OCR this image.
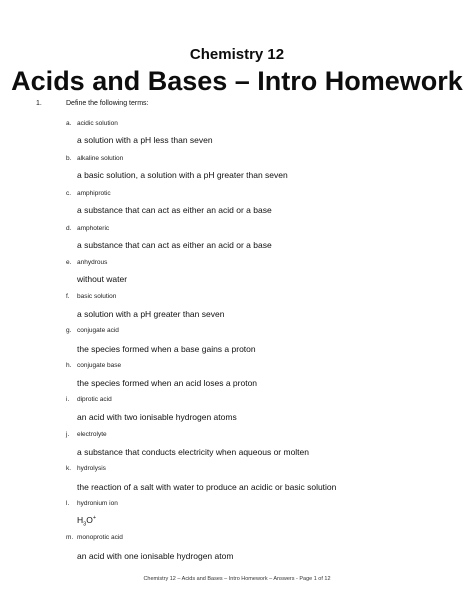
Chemistry 12
Acids and Bases – Intro Homework
1.	Define the following terms:
a. acidic solution
a solution with a pH less than seven
b. alkaline solution
a basic solution, a solution with a pH greater than seven
c. amphiprotic
a substance that can act as either an acid or a base
d. amphoteric
a substance that can act as either an acid or a base
e. anhydrous
without water
f. basic solution
a solution with a pH greater than seven
g. conjugate acid
the species formed when a base gains a proton
h. conjugate base
the species formed when an acid loses a proton
i. diprotic acid
an acid with two ionisable hydrogen atoms
j. electrolyte
a substance that conducts electricity when aqueous or molten
k. hydrolysis
the reaction of a salt with water to produce an acidic or basic solution
l. hydronium ion
$H_3O^+$
m. monoprotic acid
an acid with one ionisable hydrogen atom
Chemistry 12 – Acids and Bases – Intro Homework – Answers - Page 1 of 12
